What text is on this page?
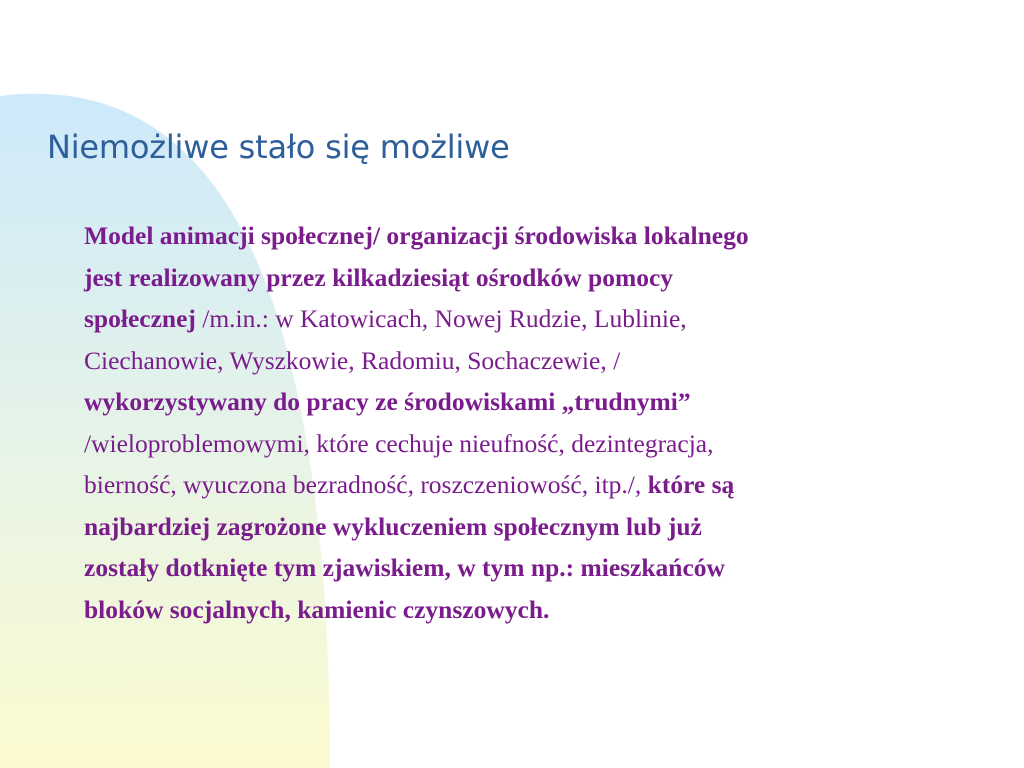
Niemożliwe stało się możliwe
Model animacji społecznej/ organizacji środowiska lokalnego
jest realizowany przez kilkadziesiąt ośrodków pomocy
społecznej /m.in.: w Katowicach, Nowej Rudzie, Lublinie,
Ciechanowie, Wyszkowie, Radomiu, Sochaczewie, /
wykorzystywany do pracy ze środowiskami „trudnymi”
/wieloproblemowymi, które cechuje nieufność, dezintegracja,
bierność, wyuczona bezradność, roszczeniowość, itp./, które są
najbardziej zagrożone wykluczeniem społecznym lub już
zostały dotknięte tym zjawiskiem, w tym np.: mieszkańców
bloków socjalnych, kamienic czynszowych.
